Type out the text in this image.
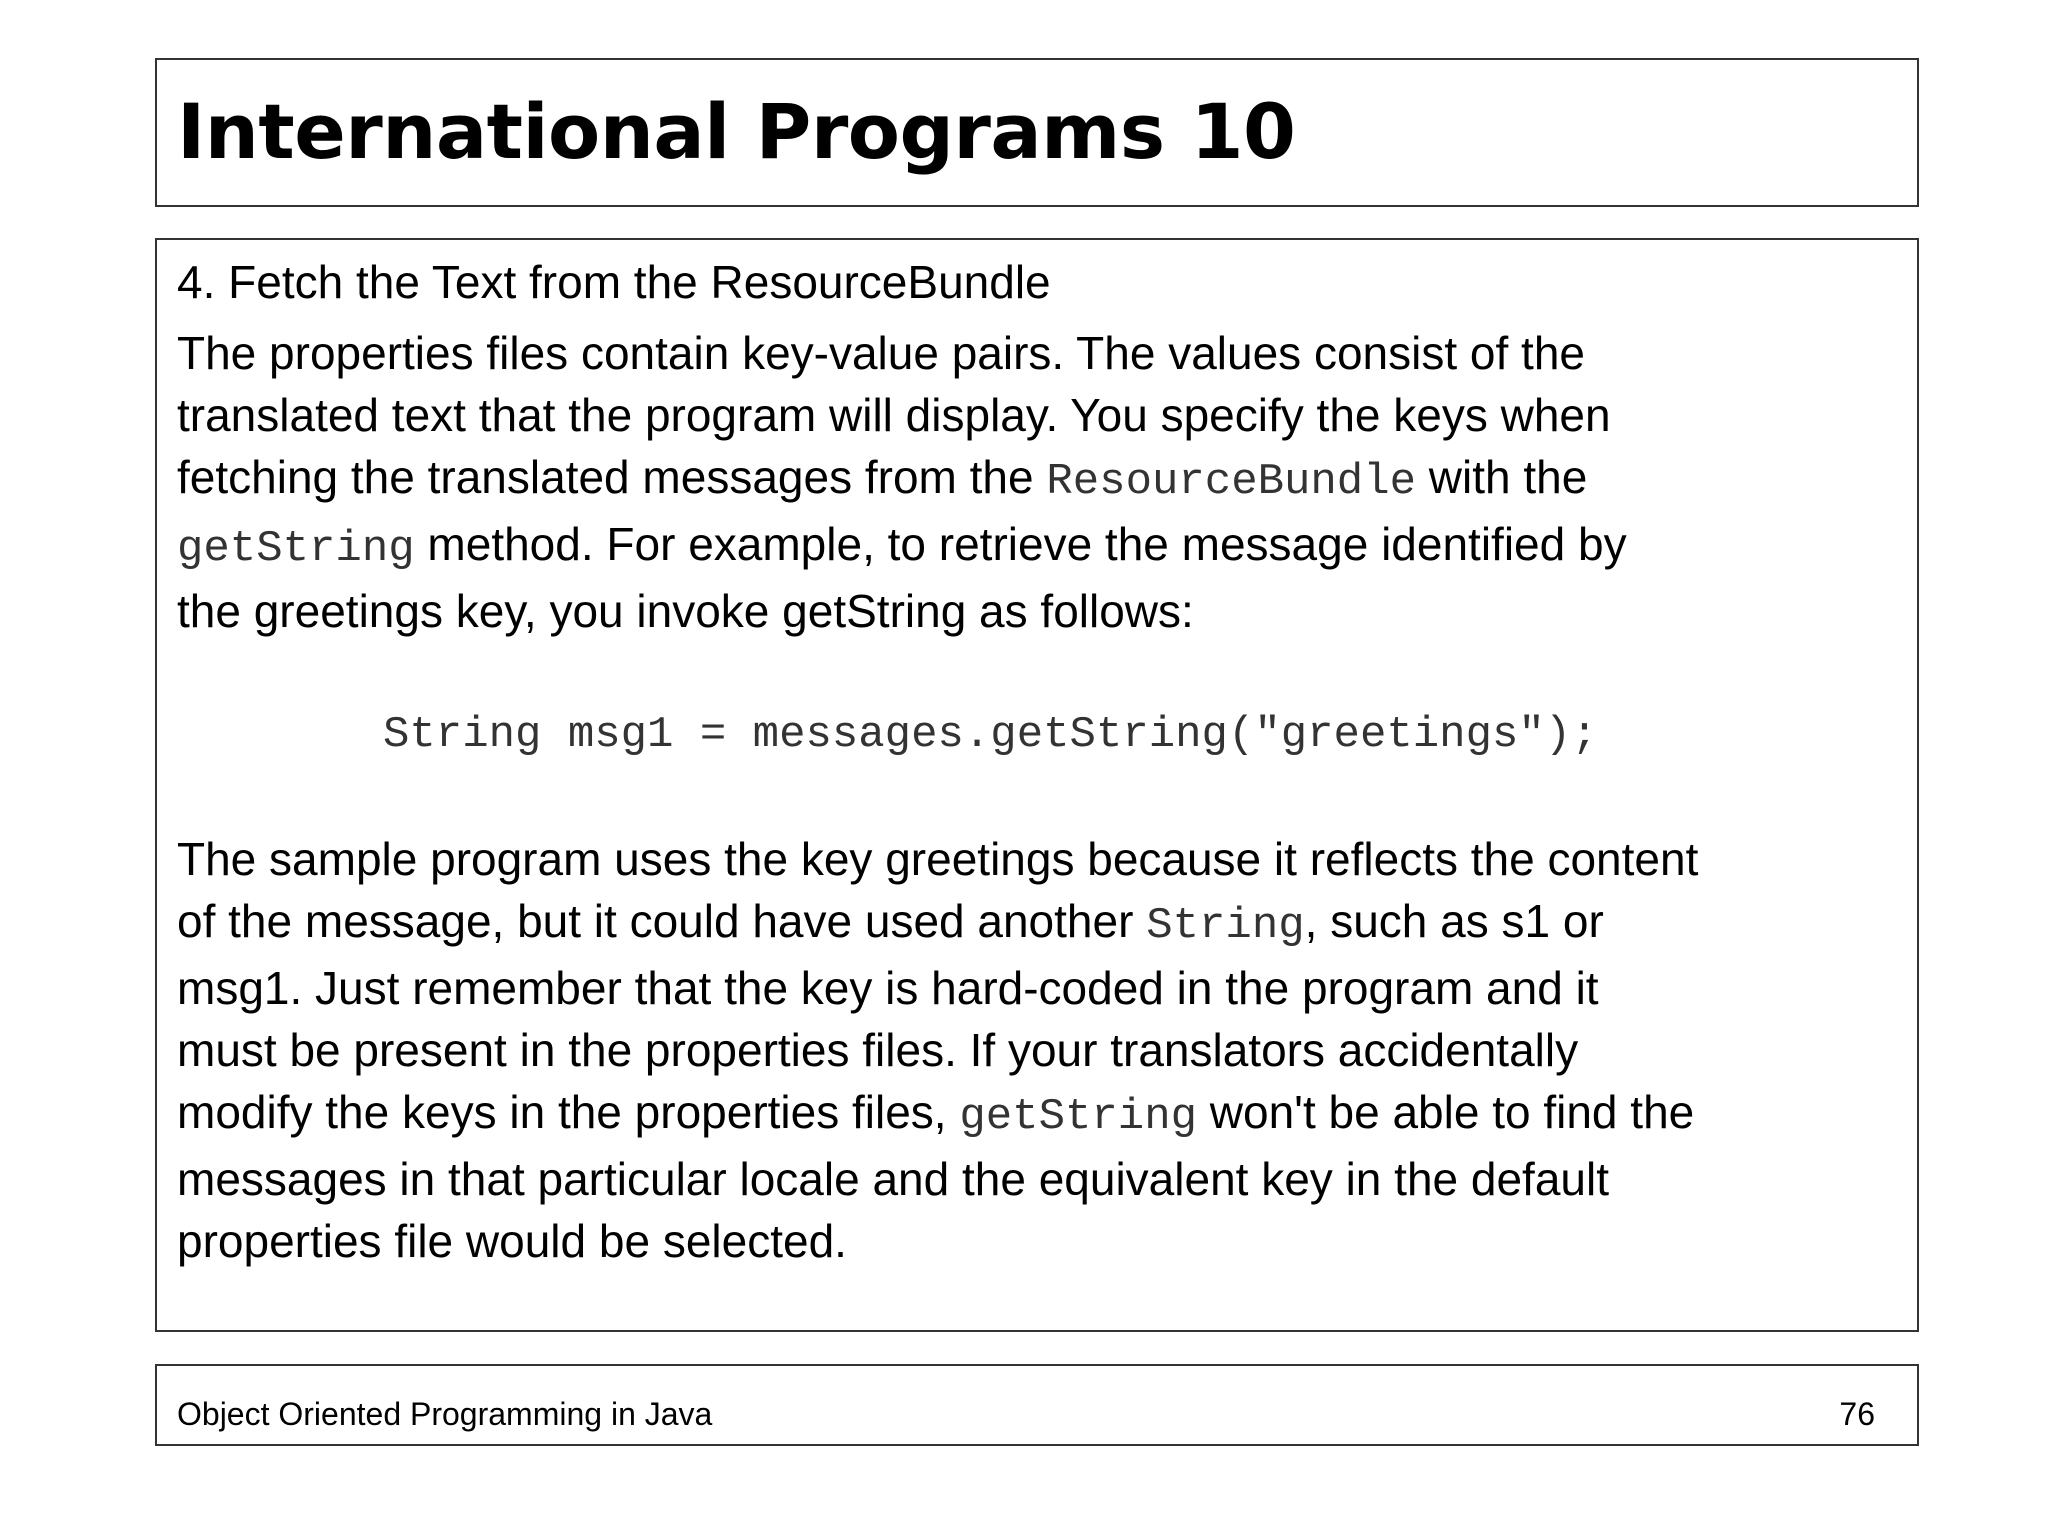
International Programs 10
4. Fetch the Text from the ResourceBundle
The properties files contain key-value pairs. The values consist of the
translated text that the program will display. You specify the keys when
fetching the translated messages from the ResourceBundle with the
getString method. For example, to retrieve the message identified by
the greetings key, you invoke getString as follows:
String msg1 = messages.getString("greetings");
The sample program uses the key greetings because it reflects the content
of the message, but it could have used another String, such as s1 or
msg1. Just remember that the key is hard-coded in the program and it
must be present in the properties files. If your translators accidentally
modify the keys in the properties files, getString won't be able to find the
messages in that particular locale and the equivalent key in the default
properties file would be selected.
Object Oriented Programming in Java	76
